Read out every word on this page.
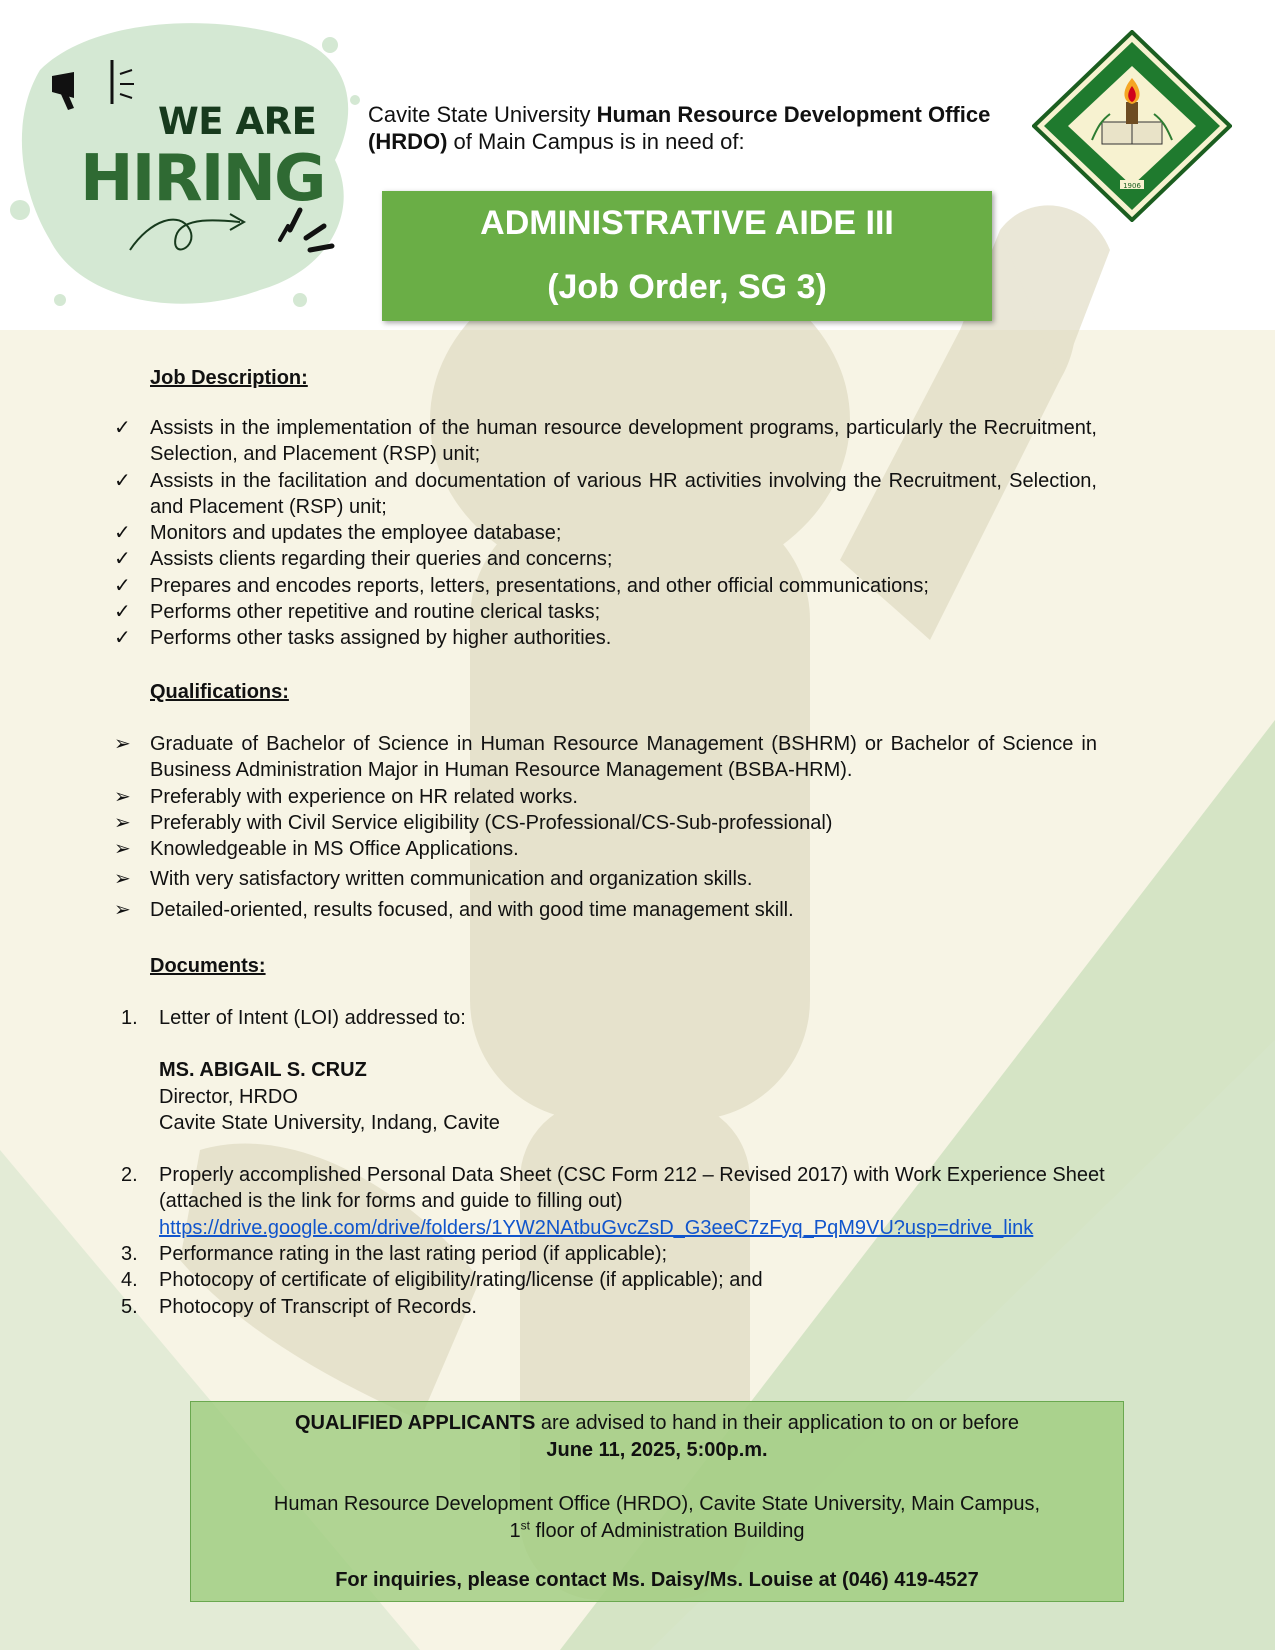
WE ARE
HIRING
Cavite State University Human Resource Development Office (HRDO) of Main Campus is in need of:
1906
ADMINISTRATIVE AIDE III
(Job Order, SG 3)
Job Description:
✓ Assists in the implementation of the human resource development programs, particularly the Recruitment, Selection, and Placement (RSP) unit;
✓ Assists in the facilitation and documentation of various HR activities involving the Recruitment, Selection, and Placement (RSP) unit;
✓ Monitors and updates the employee database;
✓ Assists clients regarding their queries and concerns;
✓ Prepares and encodes reports, letters, presentations, and other official communications;
✓ Performs other repetitive and routine clerical tasks;
✓ Performs other tasks assigned by higher authorities.
Qualifications:
➢ Graduate of Bachelor of Science in Human Resource Management (BSHRM) or Bachelor of Science in Business Administration Major in Human Resource Management (BSBA-HRM).
➢ Preferably with experience on HR related works.
➢ Preferably with Civil Service eligibility (CS-Professional/CS-Sub-professional)
➢ Knowledgeable in MS Office Applications.
➢ With very satisfactory written communication and organization skills.
➢ Detailed-oriented, results focused, and with good time management skill.
Documents:
1. Letter of Intent (LOI) addressed to:
MS. ABIGAIL S. CRUZ
Director, HRDO
Cavite State University, Indang, Cavite
2. Properly accomplished Personal Data Sheet (CSC Form 212 – Revised 2017) with Work Experience Sheet (attached is the link for forms and guide to filling out)
https://drive.google.com/drive/folders/1YW2NAtbuGvcZsD_G3eeC7zFyq_PqM9VU?usp=drive_link
3. Performance rating in the last rating period (if applicable);
4. Photocopy of certificate of eligibility/rating/license (if applicable); and
5. Photocopy of Transcript of Records.

QUALIFIED APPLICANTS are advised to hand in their application to on or before

June 11, 2025, 5:00p.m.

Human Resource Development Office (HRDO), Cavite State University, Main Campus,

1st floor of Administration Building

For inquiries, please contact Ms. Daisy/Ms. Louise at (046) 419-4527
